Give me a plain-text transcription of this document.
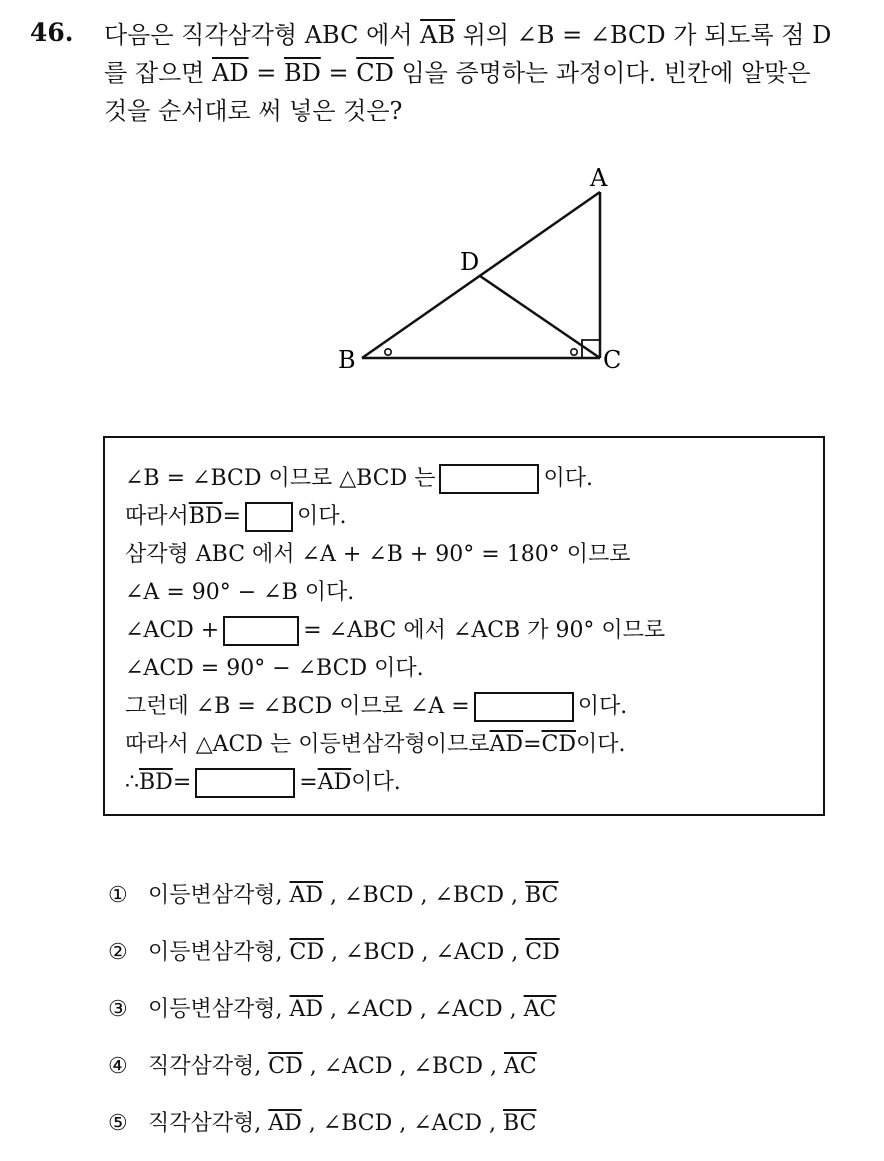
46. 다음은 직각삼각형 ABC 에서 $\overline{AB}$ 위의 ∠B = ∠BCD 가 되도록 점 D
를 잡으면 $\overline{AD} = \overline{BD} = \overline{CD}$ 임을 증명하는 과정이다. 빈칸에 알맞은
것을 순서대로 써 넣은 것은?
A
B	C
D
∠B = ∠BCD 이므로 △BCD 는	이다.
따라서 $\overline{BD}$ =	이다.
삼각형 ABC 에서 ∠A + ∠B + 90° = 180° 이므로
∠A = 90° − ∠B 이다.
∠ACD +	= ∠ABC 에서 ∠ACB 가 90° 이므로
∠ACD = 90° − ∠BCD 이다.
그런데 ∠B = ∠BCD 이므로 ∠A =	이다.
따라서 △ACD 는 이등변삼각형이므로 $\overline{AD} = \overline{CD}$ 이다.
∴ $\overline{BD}$ =	= $\overline{AD}$ 이다.
① 이등변삼각형, $\overline{AD}$ , ∠BCD , ∠BCD , $\overline{BC}$
② 이등변삼각형, $\overline{CD}$ , ∠BCD , ∠ACD , $\overline{CD}$
③ 이등변삼각형, $\overline{AD}$ , ∠ACD , ∠ACD , $\overline{AC}$
④ 직각삼각형, $\overline{CD}$ , ∠ACD , ∠BCD , $\overline{AC}$
⑤ 직각삼각형, $\overline{AD}$ , ∠BCD , ∠ACD , $\overline{BC}$
